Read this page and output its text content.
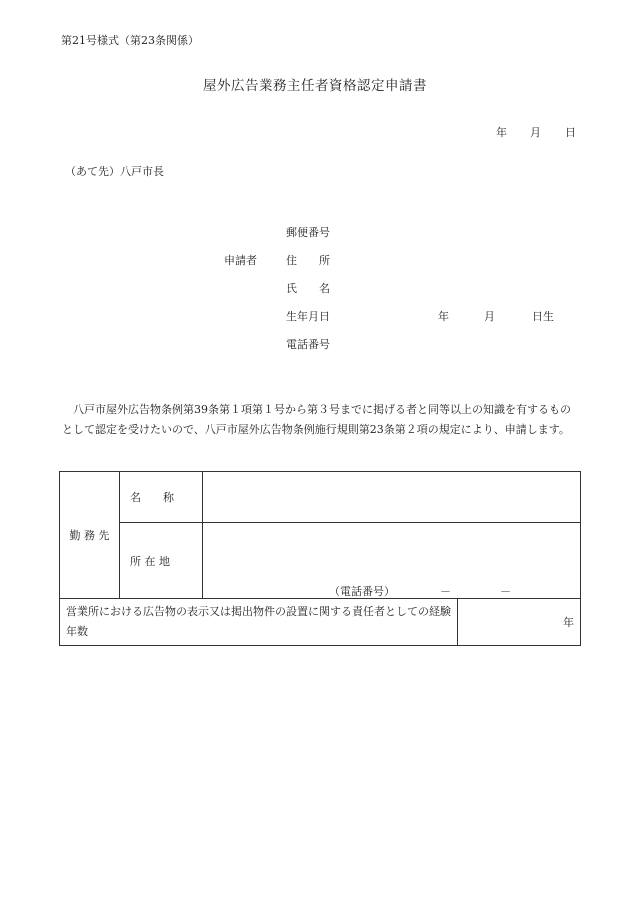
第21号様式（第23条関係）
屋外広告業務主任者資格認定申請書
年 月 日
（あて先）八戸市長
申請者
郵便番号
住　　所
氏　　名
生年月日	年	月	日生
電話番号

八戸市屋外広告物条例第39条第１項第１号から第３号までに掲げる者と同等以上の知識を有するものとして認定を受けたいので、八戸市屋外広告物条例施行規則第23条第２項の規定により、申請します。

勤 務 先	名　　称		
	所 在 地	（電話番号） － －	

営業所における広告物の表示又は掲出物件の設置に関する責任者としての経験年数			年
